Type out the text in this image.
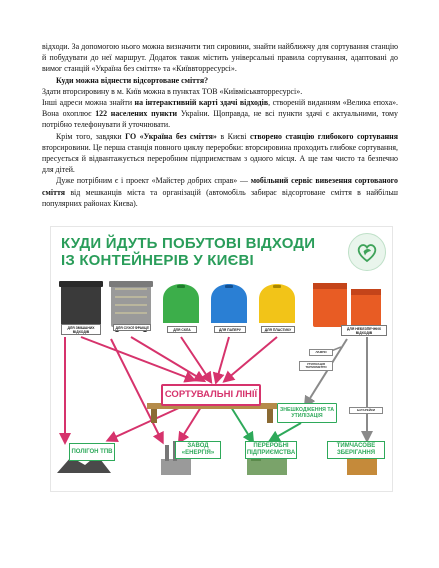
відходи. За допомогою нього можна визначити тип сировини, знайти найближчу для сортування станцію й побудувати до неї маршрут. Додаток також містить універсальні правила сортування, адаптовані до вимог станцій «Україна без сміття» та «Київвторресурсі».

Куди можна віднести відсортоване сміття?

Здати вторсировину в м. Київ можна в пунктах ТОВ «Київміськвторресурсі».

Інші адреси можна знайти на інтерактивній карті здачі відходів, створеній виданням «Велика епоха». Вона охоплює 122 населених пункти України. Щоправда, не всі пункти здачі є актуальними, тому потрібно телефонувати й уточнювати.

Крім того, завдяки ГО «Україна без сміття» в Києві створено станцію глибокого сортування вторсировини. Це перша станція повного циклу переробки: вторсировина проходить глибоке сортування, пресується й відвантажується переробним підприємствам з одного місця. А ще там чисто та безпечно для дітей.

Дуже потрібним є і проект «Майстер добрих справ» — мобільний сервіс вивезення сортованого сміття від мешканців міста та організацій (автомобіль забирає відсортоване сміття в найбільш популярних районах Києва).

КУДИ ЙДУТЬ ПОБУТОВІ ВІДХОДИ
ІЗ КОНТЕЙНЕРІВ У КИЄВІ
ДЛЯ ЗМІШАНИХ ВІДХОДІВ
ДЛЯ СУХОЇ ФРАКЦІЇ	ДЛЯ СКЛА	ДЛЯ ПАПЕРУ	ДЛЯ ПЛАСТИКУ	ДЛЯ НЕБЕЗПЕЧНИХ ВІДХОДІВ
СОРТУВАЛЬНІ ЛІНІЇ
ЛАМПИ
УТИЛІЗАЦІЯ ТЕРМОМЕТРИ
БАТАРЕЙКИ
ЗНЕШКОДЖЕННЯ ТА УТИЛІЗАЦІЯ
ПОЛІГОН ТПВ
ЗАВОД «ЕНЕРГІЯ»
ПЕРЕРОБНІ ПІДПРИЄМСТВА
ТИМЧАСОВЕ ЗБЕРІГАННЯ
